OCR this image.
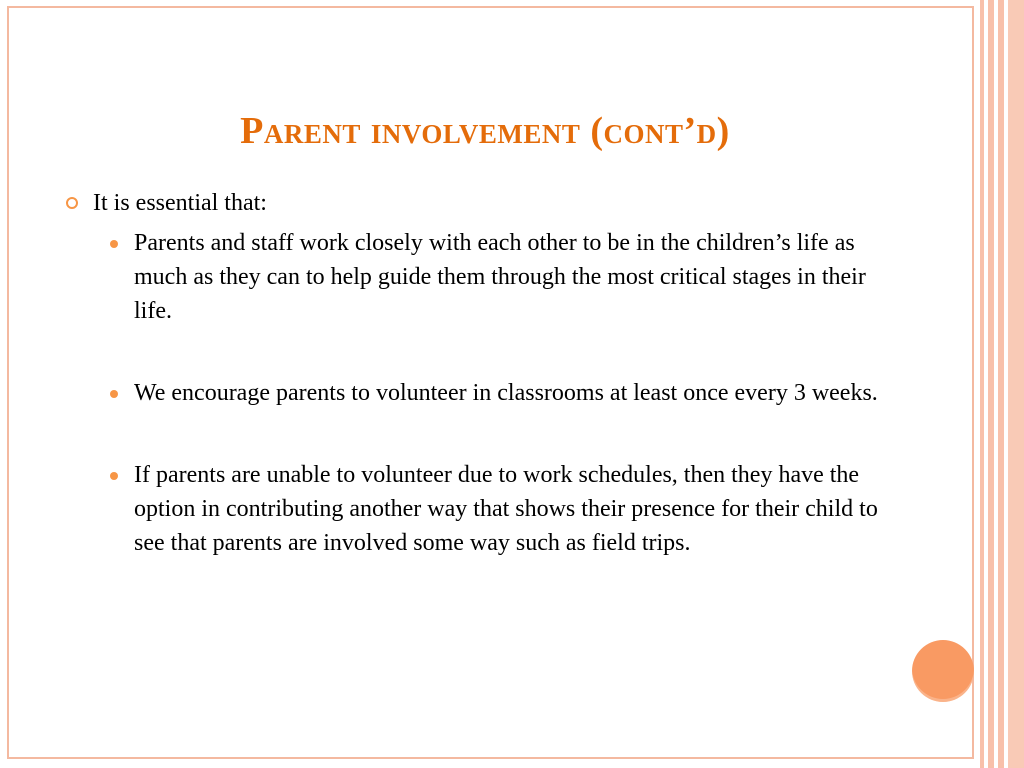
Parent involvement (cont’d)

It is essential that:

Parents and staff work closely with each other to be in the children’s life as much as they can to help guide them through the most critical stages in their life.
We encourage parents to volunteer in classrooms at least once every 3 weeks.
If parents are unable to volunteer due to work schedules, then they have the option in contributing another way that shows their presence for their child to see that parents are involved some way such as field trips.
